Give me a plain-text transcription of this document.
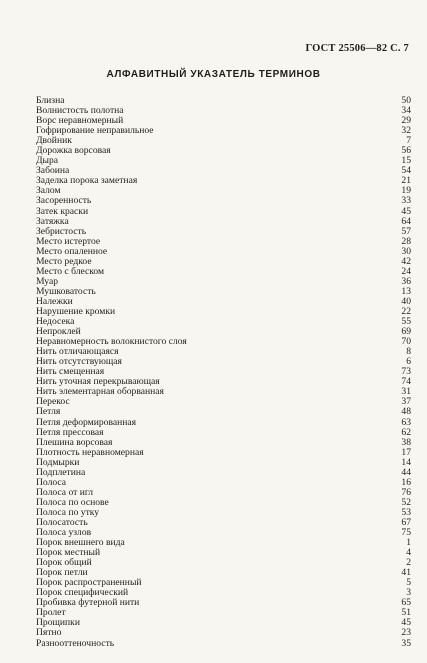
ГОСТ 25506—82 С. 7
АЛФАВИТНЫЙ УКАЗАТЕЛЬ ТЕРМИНОВ
Близна	50
Волнистость полотна	34
Ворс неравномерный	29
Гофрирование неправильное	32
Двойник	7
Дорожка ворсовая	56
Дыра	15
Забоина	54
Заделка порока заметная	21
Залом	19
Засоренность	33
Затек краски	45
Затяжка	64
Зебристость	57
Место истертое	28
Место опаленное	30
Место редкое	42
Место с блеском	24
Муар	36
Мушковатость	13
Належки	40
Нарушение кромки	22
Недосека	55
Непроклей	69
Неравномерность волокнистого слоя	70
Нить отличающаяся	8
Нить отсутствующая	6
Нить смещенная	73
Нить уточная перекрывающая	74
Нить элементарная оборванная	31
Перекос	37
Петля	48
Петля деформированная	63
Петля прессовая	62
Плешина ворсовая	38
Плотность неравномерная	17
Подмырки	14
Подплетина	44
Полоса	16
Полоса от игл	76
Полоса по основе	52
Полоса по утку	53
Полосатость	67
Полоса узлов	75
Порок внешнего вида	1
Порок местный	4
Порок общий	2
Порок петли	41
Порок распространенный	5
Порок специфический	3
Пробивка футерной нити	65
Пролет	51
Прощипки	45
Пятно	23
Разнооттеночность	35
